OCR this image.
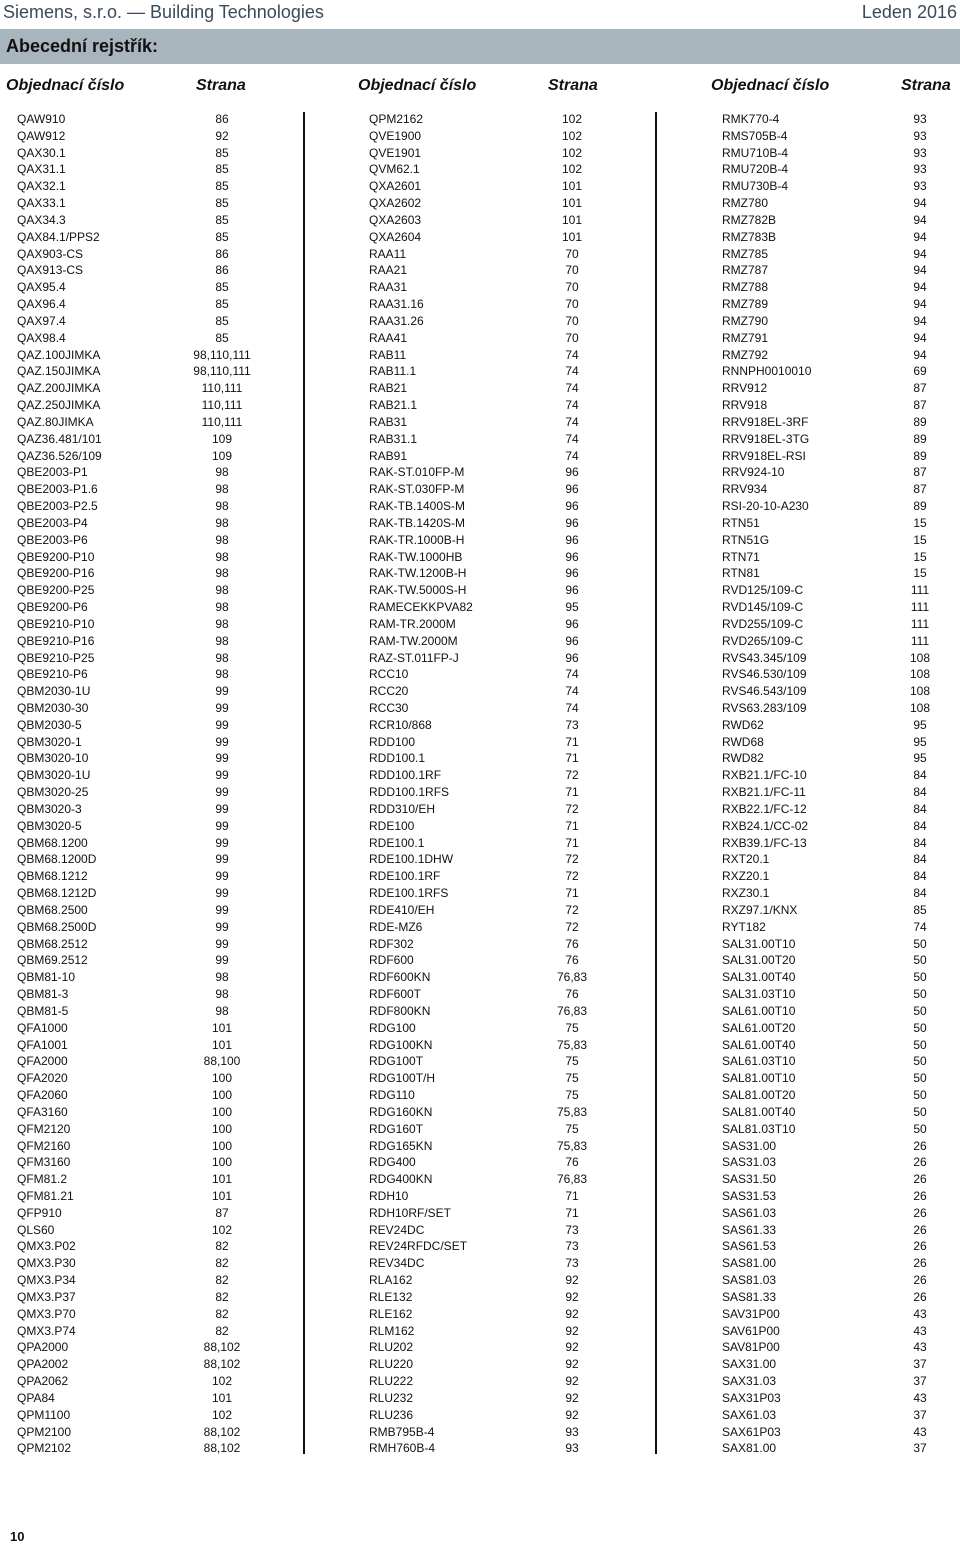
Siemens, s.r.o. — Building Technologies	Leden 2016
Abecední rejstřík:
Objednací číslo	Strana	Objednací číslo	Strana	Objednací číslo	Strana
QAW910	86
QAW912	92
QAX30.1	85
QAX31.1	85
QAX32.1	85
QAX33.1	85
QAX34.3	85
QAX84.1/PPS2	85
QAX903-CS	86
QAX913-CS	86
QAX95.4	85
QAX96.4	85
QAX97.4	85
QAX98.4	85
QAZ.100JIMKA	98,110,111
QAZ.150JIMKA	98,110,111
QAZ.200JIMKA	110,111
QAZ.250JIMKA	110,111
QAZ.80JIMKA	110,111
QAZ36.481/101	109
QAZ36.526/109	109
QBE2003-P1	98
QBE2003-P1.6	98
QBE2003-P2.5	98
QBE2003-P4	98
QBE2003-P6	98
QBE9200-P10	98
QBE9200-P16	98
QBE9200-P25	98
QBE9200-P6	98
QBE9210-P10	98
QBE9210-P16	98
QBE9210-P25	98
QBE9210-P6	98
QBM2030-1U	99
QBM2030-30	99
QBM2030-5	99
QBM3020-1	99
QBM3020-10	99
QBM3020-1U	99
QBM3020-25	99
QBM3020-3	99
QBM3020-5	99
QBM68.1200	99
QBM68.1200D	99
QBM68.1212	99
QBM68.1212D	99
QBM68.2500	99
QBM68.2500D	99
QBM68.2512	99
QBM69.2512	99
QBM81-10	98
QBM81-3	98
QBM81-5	98
QFA1000	101
QFA1001	101
QFA2000	88,100
QFA2020	100
QFA2060	100
QFA3160	100
QFM2120	100
QFM2160	100
QFM3160	100
QFM81.2	101
QFM81.21	101
QFP910	87
QLS60	102
QMX3.P02	82
QMX3.P30	82
QMX3.P34	82
QMX3.P37	82
QMX3.P70	82
QMX3.P74	82
QPA2000	88,102
QPA2002	88,102
QPA2062	102
QPA84	101
QPM1100	102
QPM2100	88,102
QPM2102	88,102
QPM2162	102
QVE1900	102
QVE1901	102
QVM62.1	102
QXA2601	101
QXA2602	101
QXA2603	101
QXA2604	101
RAA11	70
RAA21	70
RAA31	70
RAA31.16	70
RAA31.26	70
RAA41	70
RAB11	74
RAB11.1	74
RAB21	74
RAB21.1	74
RAB31	74
RAB31.1	74
RAB91	74
RAK-ST.010FP-M	96
RAK-ST.030FP-M	96
RAK-TB.1400S-M	96
RAK-TB.1420S-M	96
RAK-TR.1000B-H	96
RAK-TW.1000HB	96
RAK-TW.1200B-H	96
RAK-TW.5000S-H	96
RAMECEKKPVA82	95
RAM-TR.2000M	96
RAM-TW.2000M	96
RAZ-ST.011FP-J	96
RCC10	74
RCC20	74
RCC30	74
RCR10/868	73
RDD100	71
RDD100.1	71
RDD100.1RF	72
RDD100.1RFS	71
RDD310/EH	72
RDE100	71
RDE100.1	71
RDE100.1DHW	72
RDE100.1RF	72
RDE100.1RFS	71
RDE410/EH	72
RDE-MZ6	72
RDF302	76
RDF600	76
RDF600KN	76,83
RDF600T	76
RDF800KN	76,83
RDG100	75
RDG100KN	75,83
RDG100T	75
RDG100T/H	75
RDG110	75
RDG160KN	75,83
RDG160T	75
RDG165KN	75,83
RDG400	76
RDG400KN	76,83
RDH10	71
RDH10RF/SET	71
REV24DC	73
REV24RFDC/SET	73
REV34DC	73
RLA162	92
RLE132	92
RLE162	92
RLM162	92
RLU202	92
RLU220	92
RLU222	92
RLU232	92
RLU236	92
RMB795B-4	93
RMH760B-4	93
RMK770-4	93
RMS705B-4	93
RMU710B-4	93
RMU720B-4	93
RMU730B-4	93
RMZ780	94
RMZ782B	94
RMZ783B	94
RMZ785	94
RMZ787	94
RMZ788	94
RMZ789	94
RMZ790	94
RMZ791	94
RMZ792	94
RNNPH0010010	69
RRV912	87
RRV918	87
RRV918EL-3RF	89
RRV918EL-3TG	89
RRV918EL-RSI	89
RRV924-10	87
RRV934	87
RSI-20-10-A230	89
RTN51	15
RTN51G	15
RTN71	15
RTN81	15
RVD125/109-C	111
RVD145/109-C	111
RVD255/109-C	111
RVD265/109-C	111
RVS43.345/109	108
RVS46.530/109	108
RVS46.543/109	108
RVS63.283/109	108
RWD62	95
RWD68	95
RWD82	95
RXB21.1/FC-10	84
RXB21.1/FC-11	84
RXB22.1/FC-12	84
RXB24.1/CC-02	84
RXB39.1/FC-13	84
RXT20.1	84
RXZ20.1	84
RXZ30.1	84
RXZ97.1/KNX	85
RYT182	74
SAL31.00T10	50
SAL31.00T20	50
SAL31.00T40	50
SAL31.03T10	50
SAL61.00T10	50
SAL61.00T20	50
SAL61.00T40	50
SAL61.03T10	50
SAL81.00T10	50
SAL81.00T20	50
SAL81.00T40	50
SAL81.03T10	50
SAS31.00	26
SAS31.03	26
SAS31.50	26
SAS31.53	26
SAS61.03	26
SAS61.33	26
SAS61.53	26
SAS81.00	26
SAS81.03	26
SAS81.33	26
SAV31P00	43
SAV61P00	43
SAV81P00	43
SAX31.00	37
SAX31.03	37
SAX31P03	43
SAX61.03	37
SAX61P03	43
SAX81.00	37
10
